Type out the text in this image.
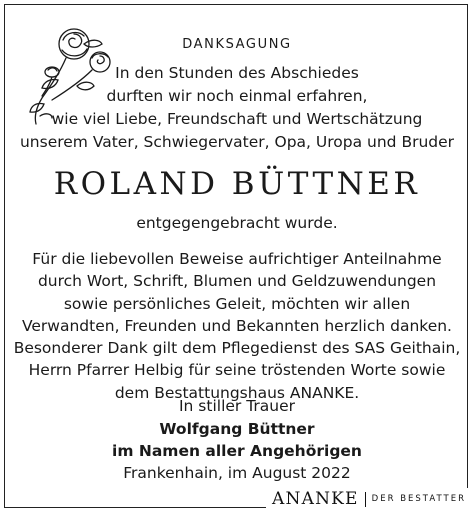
DANKSAGUNG
In den Stunden des Abschiedes
durften wir noch einmal erfahren,
wie viel Liebe, Freundschaft und Wertschätzung
unserem Vater, Schwiegervater, Opa, Uropa und Bruder
ROLAND BÜTTNER
entgegengebracht wurde.
Für die liebevollen Beweise aufrichtiger Anteilnahme
durch Wort, Schrift, Blumen und Geldzuwendungen
sowie persönliches Geleit, möchten wir allen
Verwandten, Freunden und Bekannten herzlich danken.
Besonderer Dank gilt dem Pflegedienst des SAS Geithain,
Herrn Pfarrer Helbig für seine tröstenden Worte sowie
dem Bestattungshaus ANANKE.
In stiller Trauer
Wolfgang Büttner
im Namen aller Angehörigen
Frankenhain, im August 2022
ANANKE DER BESTATTER
